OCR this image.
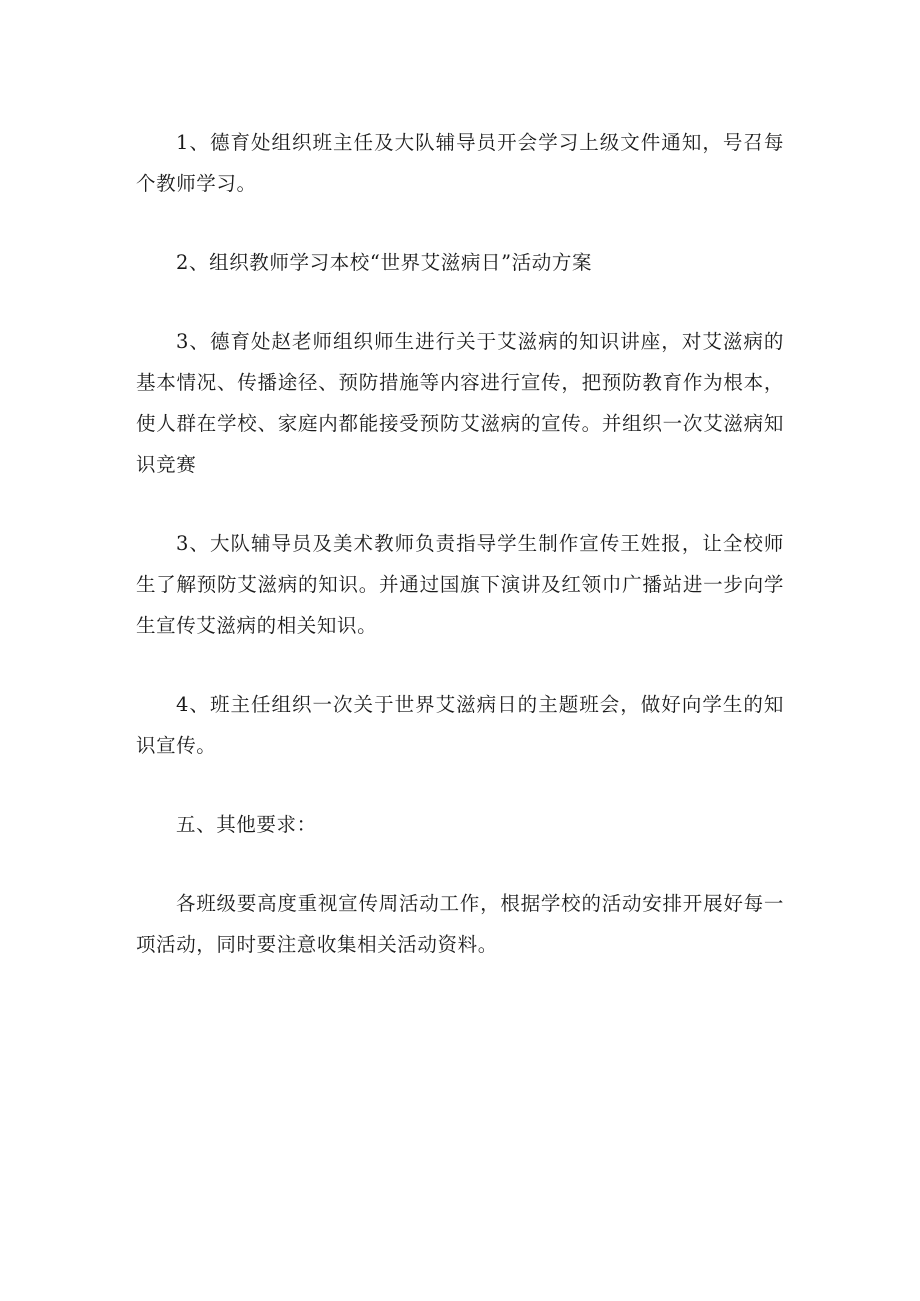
1、德育处组织班主任及大队辅导员开会学习上级文件通知，号召每个教师学习。

2、组织教师学习本校“世界艾滋病日”活动方案

3、德育处赵老师组织师生进行关于艾滋病的知识讲座，对艾滋病的基本情况、传播途径、预防措施等内容进行宣传，把预防教育作为根本，使人群在学校、家庭内都能接受预防艾滋病的宣传。并组织一次艾滋病知识竞赛

3、大队辅导员及美术教师负责指导学生制作宣传王姓报，让全校师生了解预防艾滋病的知识。并通过国旗下演讲及红领巾广播站进一步向学生宣传艾滋病的相关知识。

4、班主任组织一次关于世界艾滋病日的主题班会，做好向学生的知识宣传。

五、其他要求：

各班级要高度重视宣传周活动工作，根据学校的活动安排开展好每一项活动，同时要注意收集相关活动资料。
